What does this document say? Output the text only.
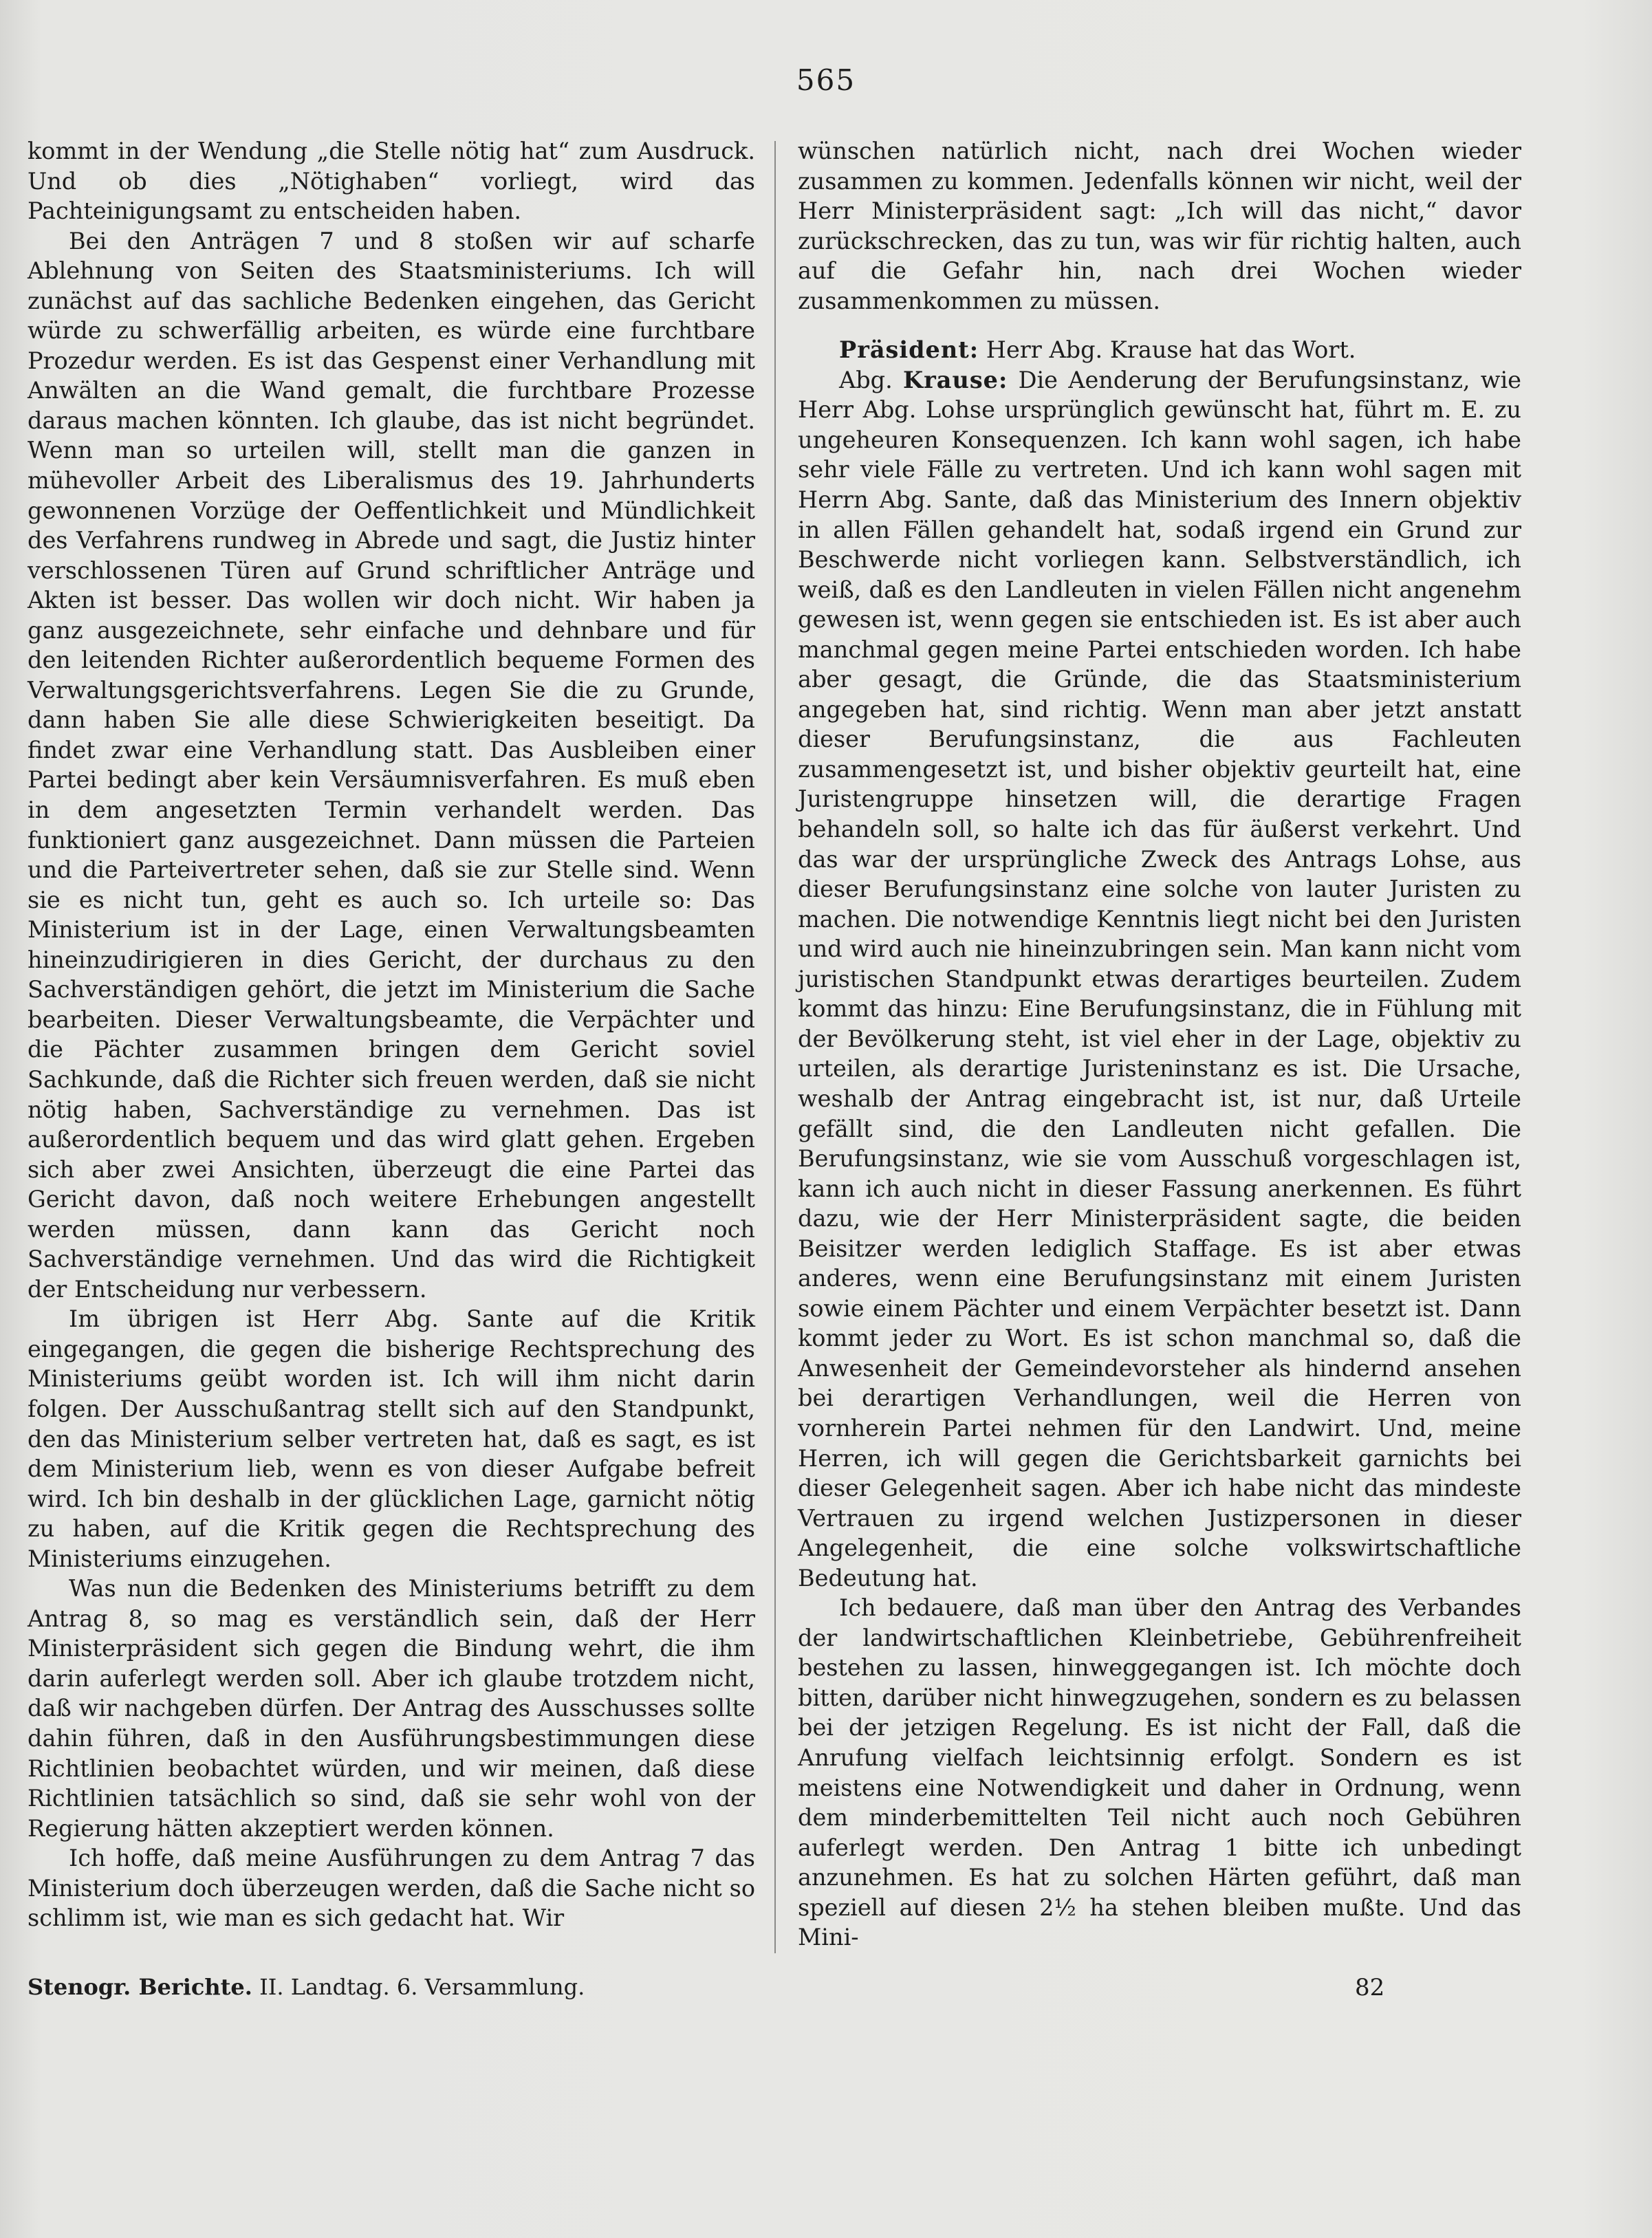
565

kommt in der Wendung „die Stelle nötig hat“ zum Ausdruck. Und ob dies „Nötighaben“ vorliegt, wird das Pachteinigungsamt zu entscheiden haben.

Bei den Anträgen 7 und 8 stoßen wir auf scharfe Ablehnung von Seiten des Staatsministeriums. Ich will zunächst auf das sachliche Bedenken eingehen, das Gericht würde zu schwerfällig arbeiten, es würde eine furchtbare Prozedur werden. Es ist das Gespenst einer Verhandlung mit Anwälten an die Wand gemalt, die furchtbare Prozesse daraus machen könnten. Ich glaube, das ist nicht begründet. Wenn man so urteilen will, stellt man die ganzen in mühevoller Arbeit des Liberalismus des 19. Jahrhunderts gewonnenen Vorzüge der Oeffentlichkeit und Mündlichkeit des Verfahrens rundweg in Abrede und sagt, die Justiz hinter verschlossenen Türen auf Grund schriftlicher Anträge und Akten ist besser. Das wollen wir doch nicht. Wir haben ja ganz ausgezeichnete, sehr einfache und dehnbare und für den leitenden Richter außerordentlich bequeme Formen des Verwaltungsgerichtsverfahrens. Legen Sie die zu Grunde, dann haben Sie alle diese Schwierigkeiten beseitigt. Da findet zwar eine Verhandlung statt. Das Ausbleiben einer Partei bedingt aber kein Versäumnisverfahren. Es muß eben in dem angesetzten Termin verhandelt werden. Das funktioniert ganz ausgezeichnet. Dann müssen die Parteien und die Parteivertreter sehen, daß sie zur Stelle sind. Wenn sie es nicht tun, geht es auch so. Ich urteile so: Das Ministerium ist in der Lage, einen Verwaltungsbeamten hineinzudirigieren in dies Gericht, der durchaus zu den Sachverständigen gehört, die jetzt im Ministerium die Sache bearbeiten. Dieser Verwaltungsbeamte, die Verpächter und die Pächter zusammen bringen dem Gericht soviel Sachkunde, daß die Richter sich freuen werden, daß sie nicht nötig haben, Sachverständige zu vernehmen. Das ist außerordentlich bequem und das wird glatt gehen. Ergeben sich aber zwei Ansichten, überzeugt die eine Partei das Gericht davon, daß noch weitere Erhebungen angestellt werden müssen, dann kann das Gericht noch Sachverständige vernehmen. Und das wird die Richtigkeit der Entscheidung nur verbessern.

Im übrigen ist Herr Abg. Sante auf die Kritik eingegangen, die gegen die bisherige Rechtsprechung des Ministeriums geübt worden ist. Ich will ihm nicht darin folgen. Der Ausschußantrag stellt sich auf den Standpunkt, den das Ministerium selber vertreten hat, daß es sagt, es ist dem Ministerium lieb, wenn es von dieser Aufgabe befreit wird. Ich bin deshalb in der glücklichen Lage, garnicht nötig zu haben, auf die Kritik gegen die Rechtsprechung des Ministeriums einzugehen.

Was nun die Bedenken des Ministeriums betrifft zu dem Antrag 8, so mag es verständlich sein, daß der Herr Ministerpräsident sich gegen die Bindung wehrt, die ihm darin auferlegt werden soll. Aber ich glaube trotzdem nicht, daß wir nachgeben dürfen. Der Antrag des Ausschusses sollte dahin führen, daß in den Ausführungsbestimmungen diese Richtlinien beobachtet würden, und wir meinen, daß diese Richtlinien tatsächlich so sind, daß sie sehr wohl von der Regierung hätten akzeptiert werden können.

Ich hoffe, daß meine Ausführungen zu dem Antrag 7 das Ministerium doch überzeugen werden, daß die Sache nicht so schlimm ist, wie man es sich gedacht hat. Wir

wünschen natürlich nicht, nach drei Wochen wieder zusammen zu kommen. Jedenfalls können wir nicht, weil der Herr Ministerpräsident sagt: „Ich will das nicht,“ davor zurückschrecken, das zu tun, was wir für richtig halten, auch auf die Gefahr hin, nach drei Wochen wieder zusammenkommen zu müssen.

Präsident: Herr Abg. Krause hat das Wort.

Abg. Krause: Die Aenderung der Berufungsinstanz, wie Herr Abg. Lohse ursprünglich gewünscht hat, führt m. E. zu ungeheuren Konsequenzen. Ich kann wohl sagen, ich habe sehr viele Fälle zu vertreten. Und ich kann wohl sagen mit Herrn Abg. Sante, daß das Ministerium des Innern objektiv in allen Fällen gehandelt hat, sodaß irgend ein Grund zur Beschwerde nicht vorliegen kann. Selbstverständlich, ich weiß, daß es den Landleuten in vielen Fällen nicht angenehm gewesen ist, wenn gegen sie entschieden ist. Es ist aber auch manchmal gegen meine Partei entschieden worden. Ich habe aber gesagt, die Gründe, die das Staatsministerium angegeben hat, sind richtig. Wenn man aber jetzt anstatt dieser Berufungsinstanz, die aus Fachleuten zusammengesetzt ist, und bisher objektiv geurteilt hat, eine Juristengruppe hinsetzen will, die derartige Fragen behandeln soll, so halte ich das für äußerst verkehrt. Und das war der ursprüngliche Zweck des Antrags Lohse, aus dieser Berufungsinstanz eine solche von lauter Juristen zu machen. Die notwendige Kenntnis liegt nicht bei den Juristen und wird auch nie hineinzubringen sein. Man kann nicht vom juristischen Standpunkt etwas derartiges beurteilen. Zudem kommt das hinzu: Eine Berufungsinstanz, die in Fühlung mit der Bevölkerung steht, ist viel eher in der Lage, objektiv zu urteilen, als derartige Juristeninstanz es ist. Die Ursache, weshalb der Antrag eingebracht ist, ist nur, daß Urteile gefällt sind, die den Landleuten nicht gefallen. Die Berufungsinstanz, wie sie vom Ausschuß vorgeschlagen ist, kann ich auch nicht in dieser Fassung anerkennen. Es führt dazu, wie der Herr Ministerpräsident sagte, die beiden Beisitzer werden lediglich Staffage. Es ist aber etwas anderes, wenn eine Berufungsinstanz mit einem Juristen sowie einem Pächter und einem Verpächter besetzt ist. Dann kommt jeder zu Wort. Es ist schon manchmal so, daß die Anwesenheit der Gemeindevorsteher als hindernd ansehen bei derartigen Verhandlungen, weil die Herren von vornherein Partei nehmen für den Landwirt. Und, meine Herren, ich will gegen die Gerichtsbarkeit garnichts bei dieser Gelegenheit sagen. Aber ich habe nicht das mindeste Vertrauen zu irgend welchen Justizpersonen in dieser Angelegenheit, die eine solche volkswirtschaftliche Bedeutung hat.

Ich bedauere, daß man über den Antrag des Verbandes der landwirtschaftlichen Kleinbetriebe, Gebührenfreiheit bestehen zu lassen, hinweggegangen ist. Ich möchte doch bitten, darüber nicht hinwegzugehen, sondern es zu belassen bei der jetzigen Regelung. Es ist nicht der Fall, daß die Anrufung vielfach leichtsinnig erfolgt. Sondern es ist meistens eine Notwendigkeit und daher in Ordnung, wenn dem minderbemittelten Teil nicht auch noch Gebühren auferlegt werden. Den Antrag 1 bitte ich unbedingt anzunehmen. Es hat zu solchen Härten geführt, daß man speziell auf diesen 2½ ha stehen bleiben mußte. Und das Mini-

Stenogr. Berichte. II. Landtag. 6. Versammlung.	82
